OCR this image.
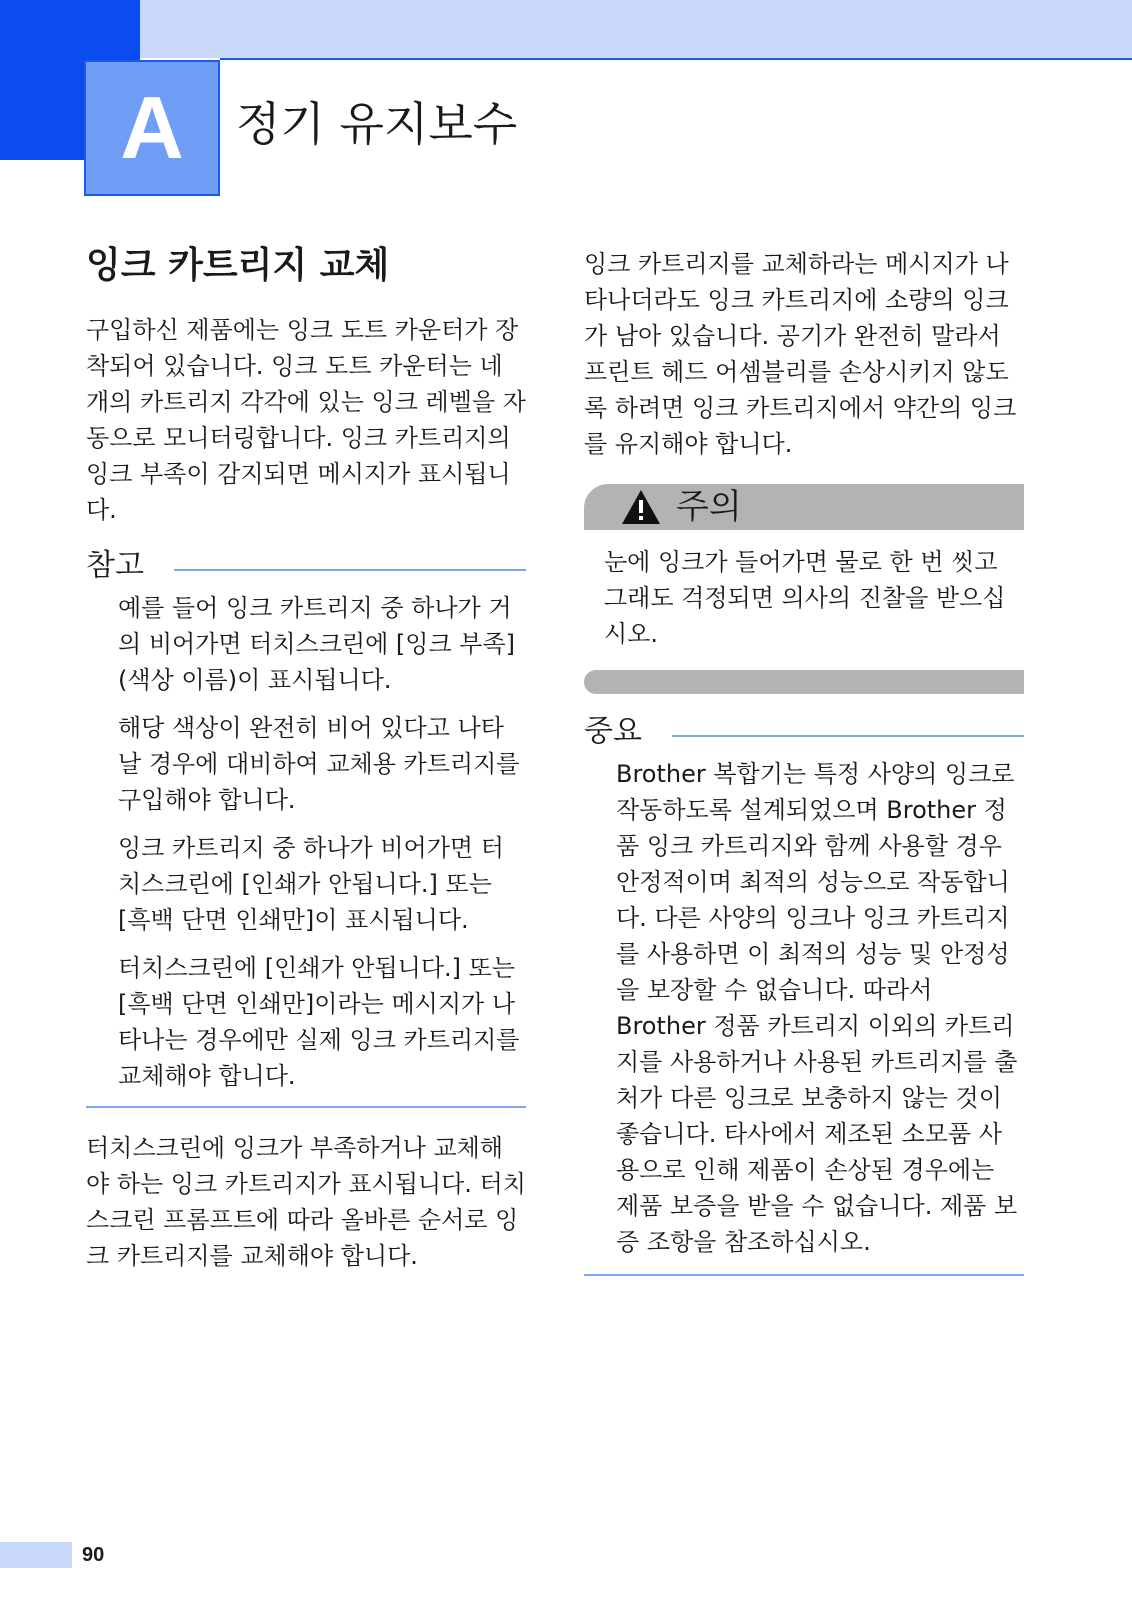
A	정기 유지보수
잉크 카트리지 교체

구입하신 제품에는 잉크 도트 카운터가 장착되어 있습니다. 잉크 도트 카운터는 네 개의 카트리지 각각에 있는 잉크 레벨을 자동으로 모니터링합니다. 잉크 카트리지의 잉크 부족이 감지되면 메시지가 표시됩니다.

참고

예를 들어 잉크 카트리지 중 하나가 거의 비어가면 터치스크린에 [잉크 부족](색상 이름)이 표시됩니다.

해당 색상이 완전히 비어 있다고 나타날 경우에 대비하여 교체용 카트리지를 구입해야 합니다.

잉크 카트리지 중 하나가 비어가면 터치스크린에 [인쇄가 안됩니다.] 또는 [흑백 단면 인쇄만]이 표시됩니다.

터치스크린에 [인쇄가 안됩니다.] 또는 [흑백 단면 인쇄만]이라는 메시지가 나타나는 경우에만 실제 잉크 카트리지를 교체해야 합니다.

터치스크린에 잉크가 부족하거나 교체해야 하는 잉크 카트리지가 표시됩니다. 터치스크린 프롬프트에 따라 올바른 순서로 잉크 카트리지를 교체해야 합니다.

잉크 카트리지를 교체하라는 메시지가 나타나더라도 잉크 카트리지에 소량의 잉크가 남아 있습니다. 공기가 완전히 말라서 프린트 헤드 어셈블리를 손상시키지 않도록 하려면 잉크 카트리지에서 약간의 잉크를 유지해야 합니다.

주의

눈에 잉크가 들어가면 물로 한 번 씻고 그래도 걱정되면 의사의 진찰을 받으십시오.

중요

Brother 복합기는 특정 사양의 잉크로 작동하도록 설계되었으며 Brother 정품 잉크 카트리지와 함께 사용할 경우 안정적이며 최적의 성능으로 작동합니다. 다른 사양의 잉크나 잉크 카트리지를 사용하면 이 최적의 성능 및 안정성을 보장할 수 없습니다. 따라서 Brother 정품 카트리지 이외의 카트리지를 사용하거나 사용된 카트리지를 출처가 다른 잉크로 보충하지 않는 것이 좋습니다. 타사에서 제조된 소모품 사용으로 인해 제품이 손상된 경우에는 제품 보증을 받을 수 없습니다. 제품 보증 조항을 참조하십시오.

90
